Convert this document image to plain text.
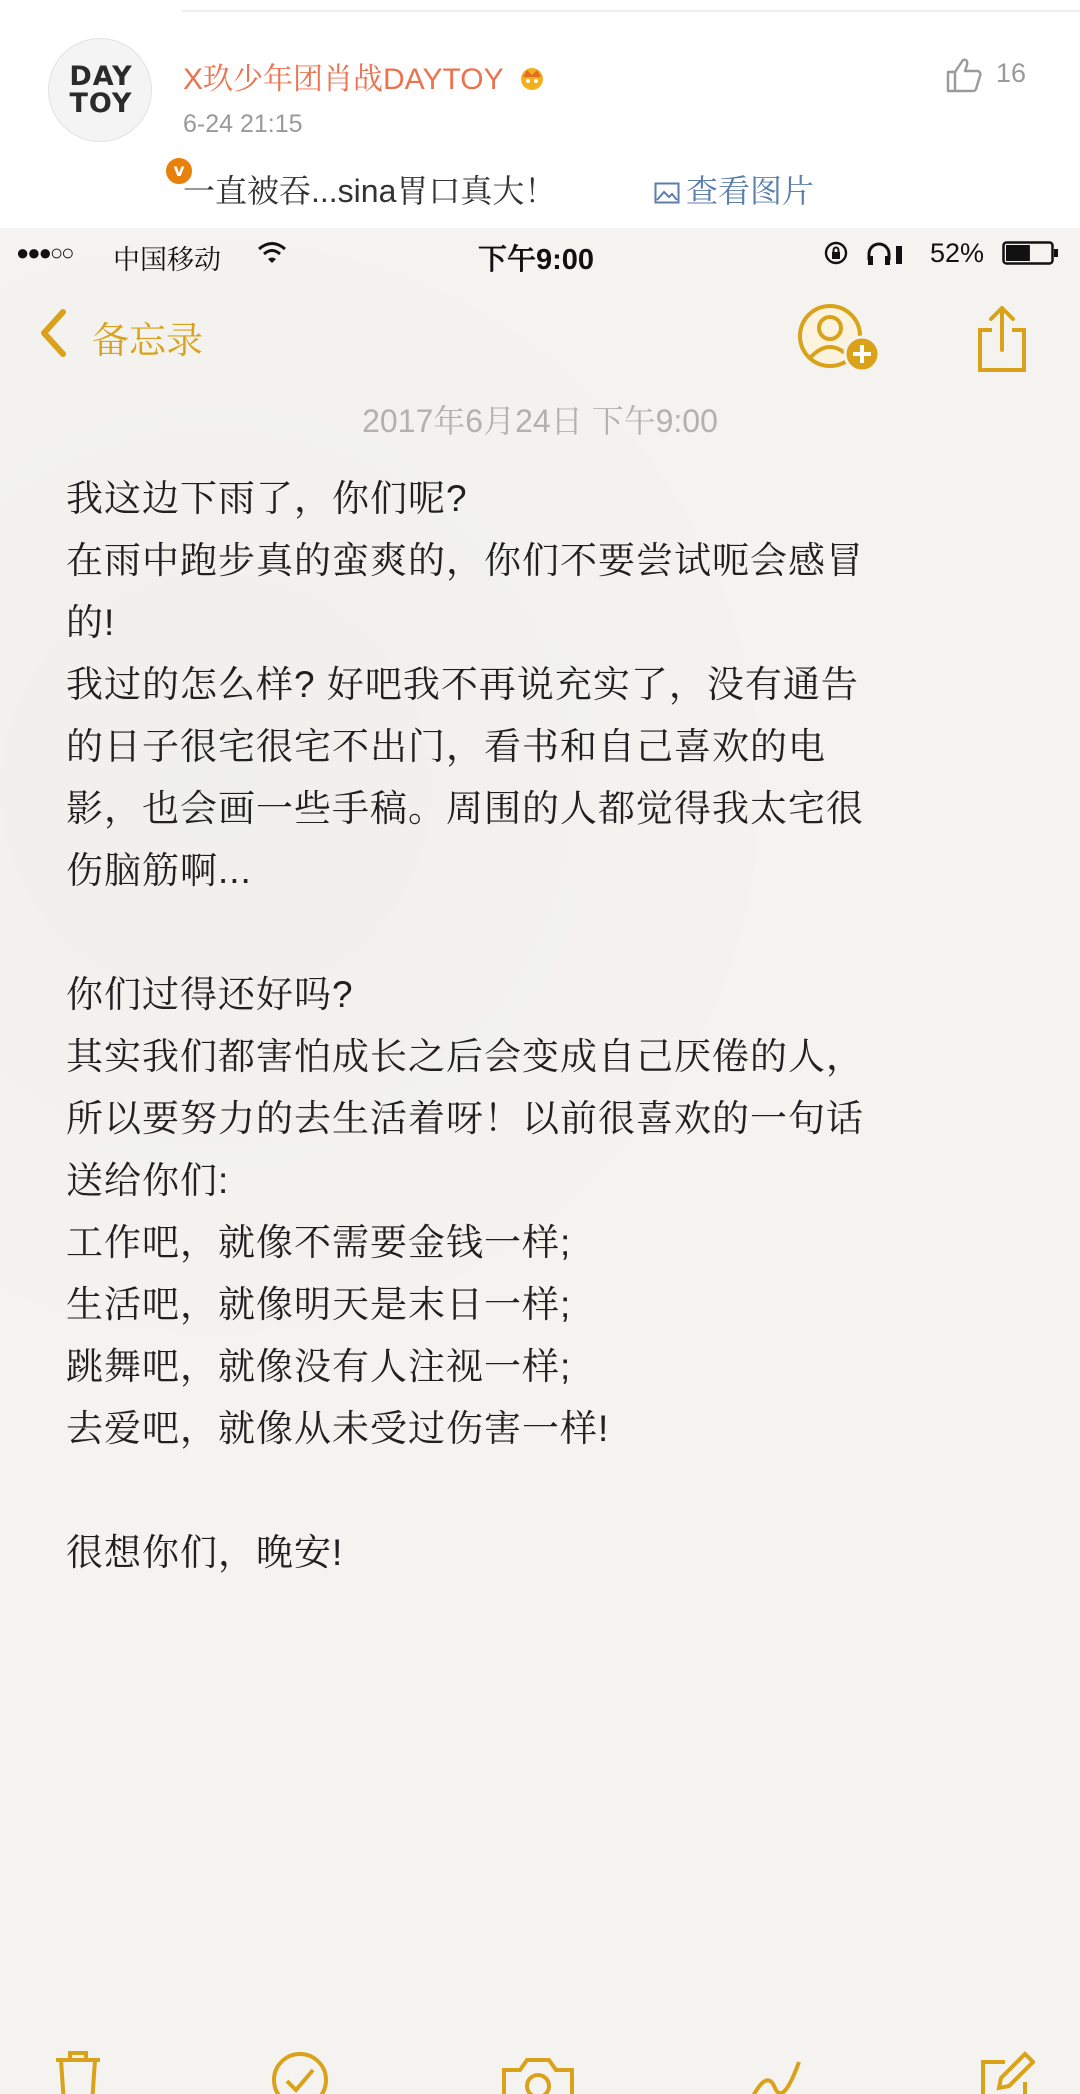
DAY
TOY
v
X玖少年团肖战DAYTOY
6-24 21:15
16
一直被吞...sina胃口真大！	查看图片
●●●○○ 中国移动	下午9:00	52%
备忘录
2017年6月24日 下午9:00
我这边下雨了，你们呢?
在雨中跑步真的蛮爽的，你们不要尝试呃会感冒
的!
我过的怎么样? 好吧我不再说充实了，没有通告
的日子很宅很宅不出门，看书和自己喜欢的电
影，也会画一些手稿。周围的人都觉得我太宅很
伤脑筋啊...
你们过得还好吗?
其实我们都害怕成长之后会变成自己厌倦的人，
所以要努力的去生活着呀！以前很喜欢的一句话
送给你们:
工作吧，就像不需要金钱一样;
生活吧，就像明天是末日一样;
跳舞吧，就像没有人注视一样;
去爱吧，就像从未受过伤害一样!
很想你们，晚安!
